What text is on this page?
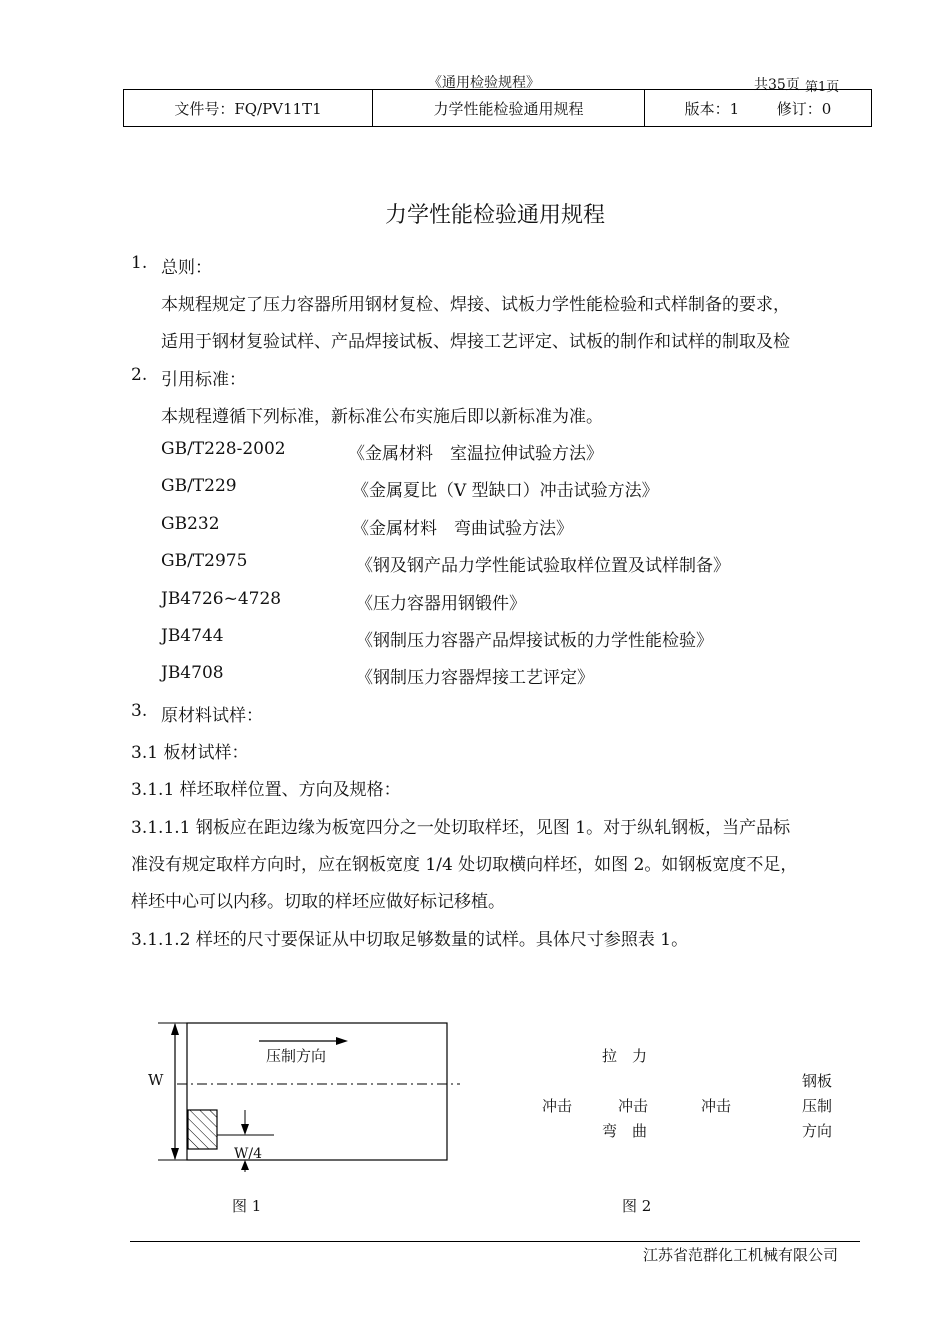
《通用检验规程》	共35页 第1页
文件号：FQ/PV11T1	力学性能检验通用规程	版本：1	修订：0
力学性能检验通用规程
1. 总则：
本规程规定了压力容器所用钢材复检、焊接、试板力学性能检验和式样制备的要求，
适用于钢材复验试样、产品焊接试板、焊接工艺评定、试板的制作和试样的制取及检
2. 引用标准：
本规程遵循下列标准，新标准公布实施后即以新标准为准。
GB/T228-2002	《金属材料　室温拉伸试验方法》
GB/T229	《金属夏比（V 型缺口）冲击试验方法》
GB232	《金属材料　弯曲试验方法》
GB/T2975	《钢及钢产品力学性能试验取样位置及试样制备》
JB4726~4728	《压力容器用钢锻件》
JB4744	《钢制压力容器产品焊接试板的力学性能检验》
JB4708	《钢制压力容器焊接工艺评定》
3. 原材料试样：
3.1 板材试样：
3.1.1 样坯取样位置、方向及规格：
3.1.1.1 钢板应在距边缘为板宽四分之一处切取样坯，见图 1。对于纵轧钢板，当产品标
准没有规定取样方向时，应在钢板宽度 1/4 处切取横向样坯，如图 2。如钢板宽度不足，
样坯中心可以内移。切取的样坯应做好标记移植。
3.1.1.2 样坯的尺寸要保证从中切取足够数量的试样。具体尺寸参照表 1。
压制方向
W
W/4
图 1
拉　力
冲击	冲击	冲击
弯　曲
钢板
压制
方向
图 2
江苏省范群化工机械有限公司
